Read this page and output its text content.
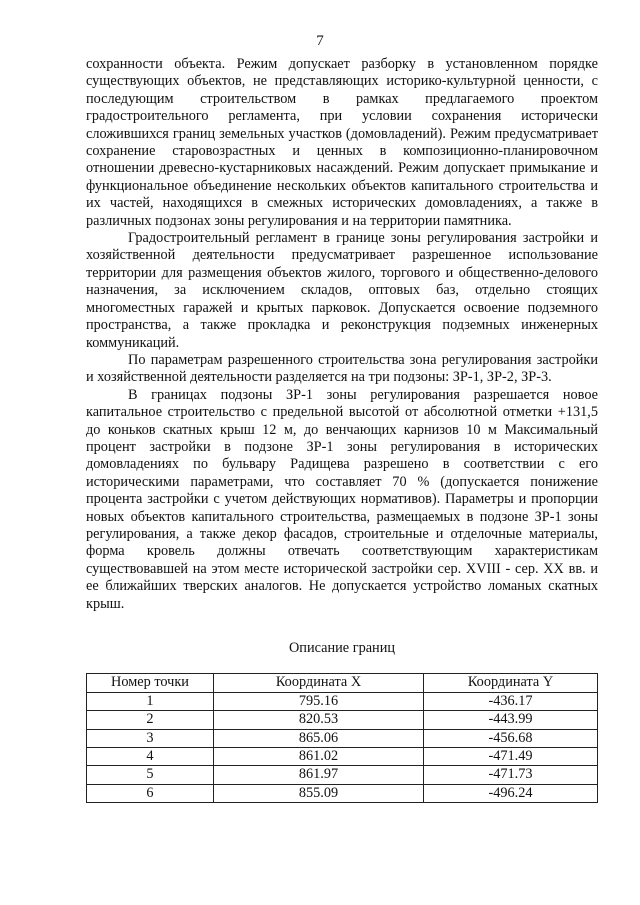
7

сохранности объекта. Режим допускает разборку в установленном порядке существующих объектов, не представляющих историко-культурной ценности, с последующим строительством в рамках предлагаемого проектом градостроительного регламента, при условии сохранения исторически сложившихся границ земельных участков (домовладений). Режим предусматривает сохранение старовозрастных и ценных в композиционно-планировочном отношении древесно-кустарниковых насаждений. Режим допускает примыкание и функциональное объединение нескольких объектов капитального строительства и их частей, находящихся в смежных исторических домовладениях, а также в различных подзонах зоны регулирования и на территории памятника.

Градостроительный регламент в границе зоны регулирования застройки и хозяйственной деятельности предусматривает разрешенное использование территории для размещения объектов жилого, торгового и общественно-делового назначения, за исключением складов, оптовых баз, отдельно стоящих многоместных гаражей и крытых парковок. Допускается освоение подземного пространства, а также прокладка и реконструкция подземных инженерных коммуникаций.

По параметрам разрешенного строительства зона регулирования застройки и хозяйственной деятельности разделяется на три подзоны: ЗР-1, ЗР-2, ЗР-3.

В границах подзоны ЗР-1 зоны регулирования разрешается новое капитальное строительство с предельной высотой от абсолютной отметки +131,5 до коньков скатных крыш 12 м, до венчающих карнизов 10 м Максимальный процент застройки в подзоне ЗР-1 зоны регулирования в исторических домовладениях по бульвару Радищева разрешено в соответствии с его историческими параметрами, что составляет 70 % (допускается понижение процента застройки с учетом действующих нормативов). Параметры и пропорции новых объектов капитального строительства, размещаемых в подзоне ЗР-1 зоны регулирования, а также декор фасадов, строительные и отделочные материалы, форма кровель должны отвечать соответствующим характеристикам существовавшей на этом месте исторической застройки сер. XVIII - сер. XX вв. и ее ближайших тверских аналогов. Не допускается устройство ломаных скатных крыш.

Описание границ
Номер точки	Координата X	Координата Y
1	795.16	-436.17
2	820.53	-443.99
3	865.06	-456.68
4	861.02	-471.49
5	861.97	-471.73
6	855.09	-496.24
